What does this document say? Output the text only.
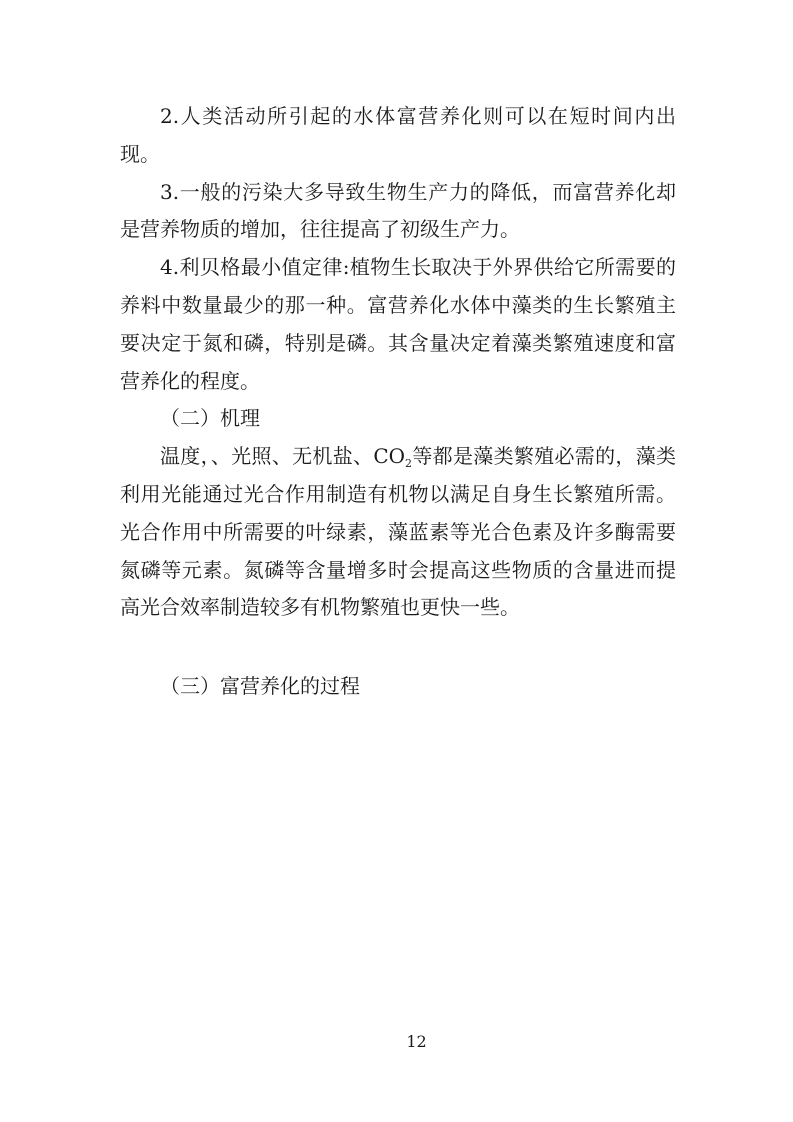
2.人类活动所引起的水体富营养化则可以在短时间内出现。

3.一般的污染大多导致生物生产力的降低，而富营养化却是营养物质的增加，往往提高了初级生产力。

4.利贝格最小值定律:植物生长取决于外界供给它所需要的养料中数量最少的那一种。富营养化水体中藻类的生长繁殖主要决定于氮和磷，特别是磷。其含量决定着藻类繁殖速度和富营养化的程度。

（二）机理

温度，、光照、无机盐、$CO_2$等都是藻类繁殖必需的，藻类利用光能通过光合作用制造有机物以满足自身生长繁殖所需。光合作用中所需要的叶绿素，藻蓝素等光合色素及许多酶需要氮磷等元素。氮磷等含量增多时会提高这些物质的含量进而提高光合效率制造较多有机物繁殖也更快一些。

（三）富营养化的过程

12
